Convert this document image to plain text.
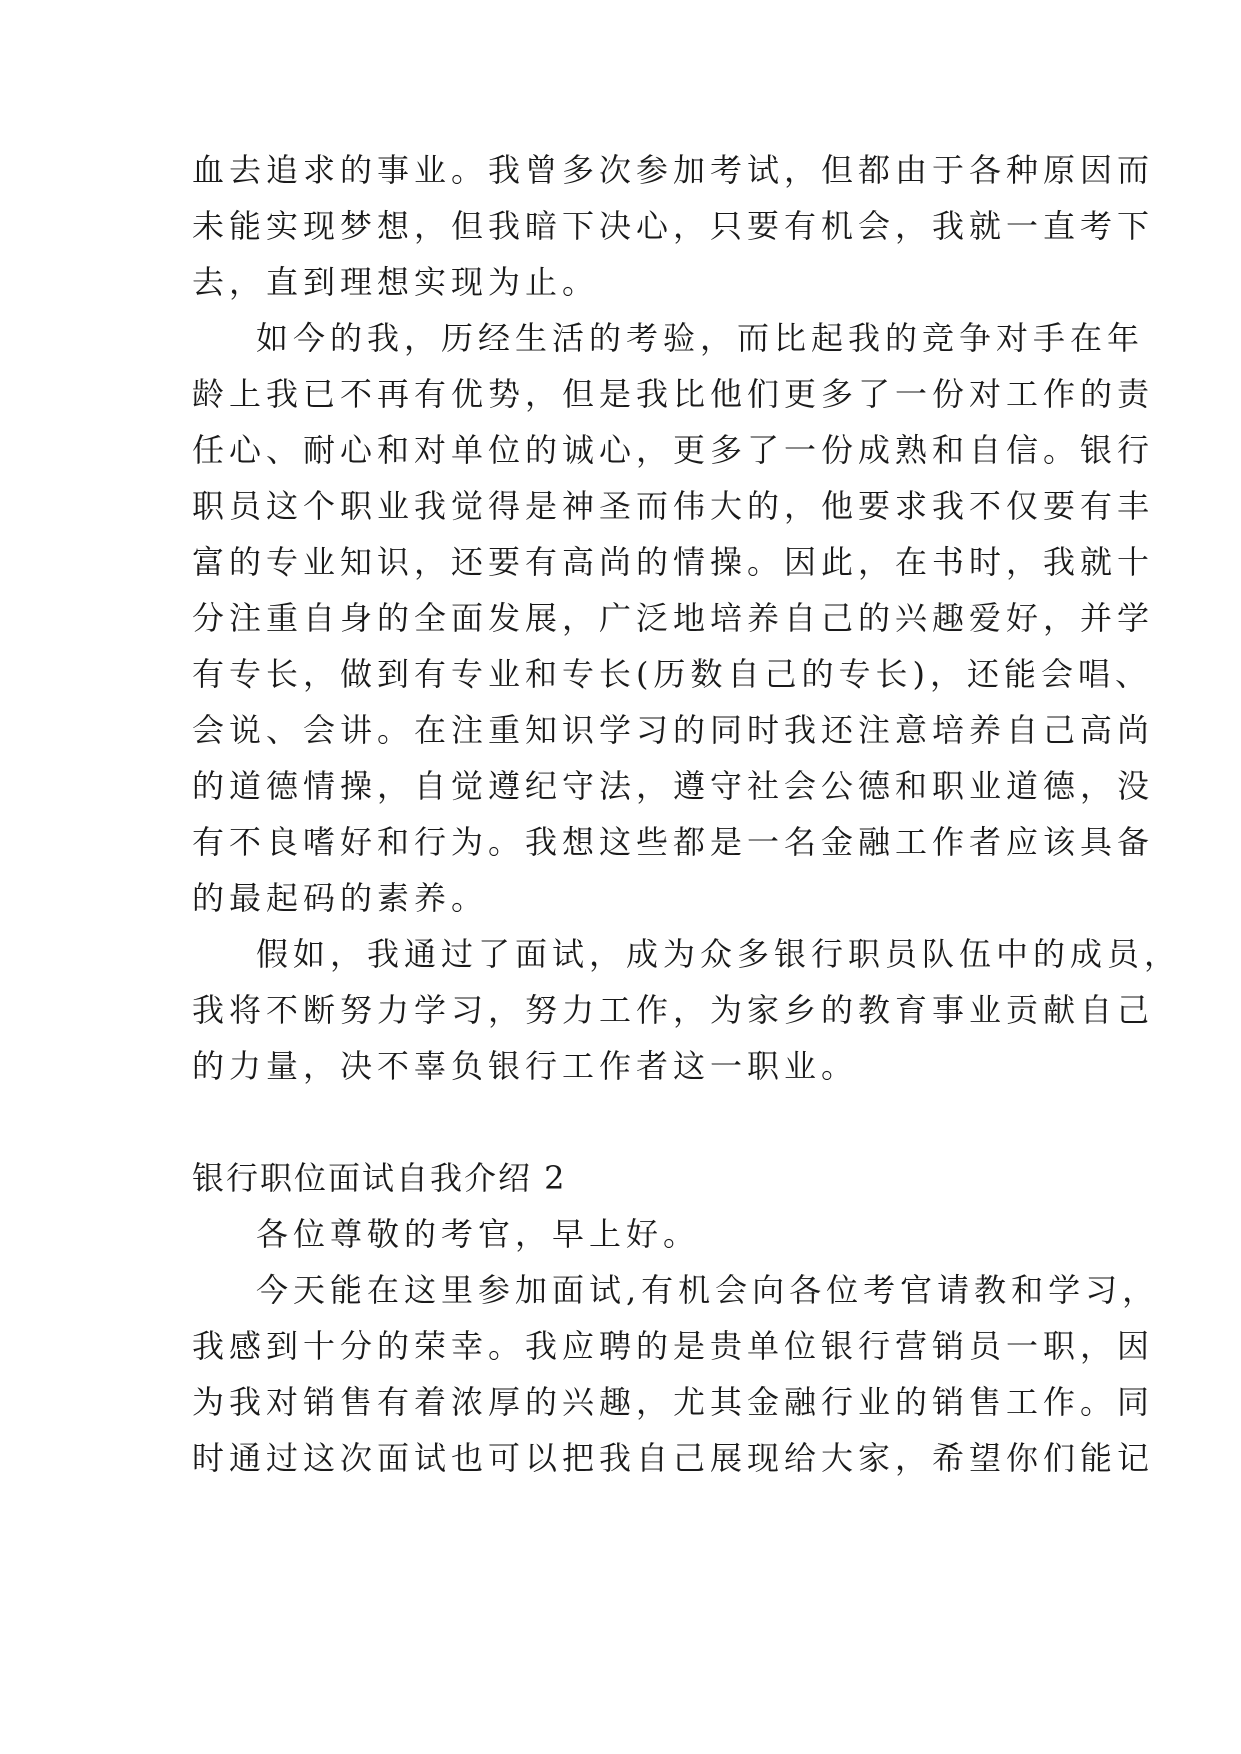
血去追求的事业。我曾多次参加考试，但都由于各种原因而
未能实现梦想，但我暗下决心，只要有机会，我就一直考下
去，直到理想实现为止。
如今的我，历经生活的考验，而比起我的竞争对手在年
龄上我已不再有优势，但是我比他们更多了一份对工作的责
任心、耐心和对单位的诚心，更多了一份成熟和自信。银行
职员这个职业我觉得是神圣而伟大的，他要求我不仅要有丰
富的专业知识，还要有高尚的情操。因此，在书时，我就十
分注重自身的全面发展，广泛地培养自己的兴趣爱好，并学
有专长，做到有专业和专长(历数自己的专长)，还能会唱、
会说、会讲。在注重知识学习的同时我还注意培养自己高尚
的道德情操，自觉遵纪守法，遵守社会公德和职业道德，没
有不良嗜好和行为。我想这些都是一名金融工作者应该具备
的最起码的素养。
假如，我通过了面试，成为众多银行职员队伍中的成员，
我将不断努力学习，努力工作，为家乡的教育事业贡献自己
的力量，决不辜负银行工作者这一职业。
银行职位面试自我介绍 2
各位尊敬的考官，早上好。
今天能在这里参加面试,有机会向各位考官请教和学习，
我感到十分的荣幸。我应聘的是贵单位银行营销员一职，因
为我对销售有着浓厚的兴趣，尤其金融行业的销售工作。同
时通过这次面试也可以把我自己展现给大家，希望你们能记
